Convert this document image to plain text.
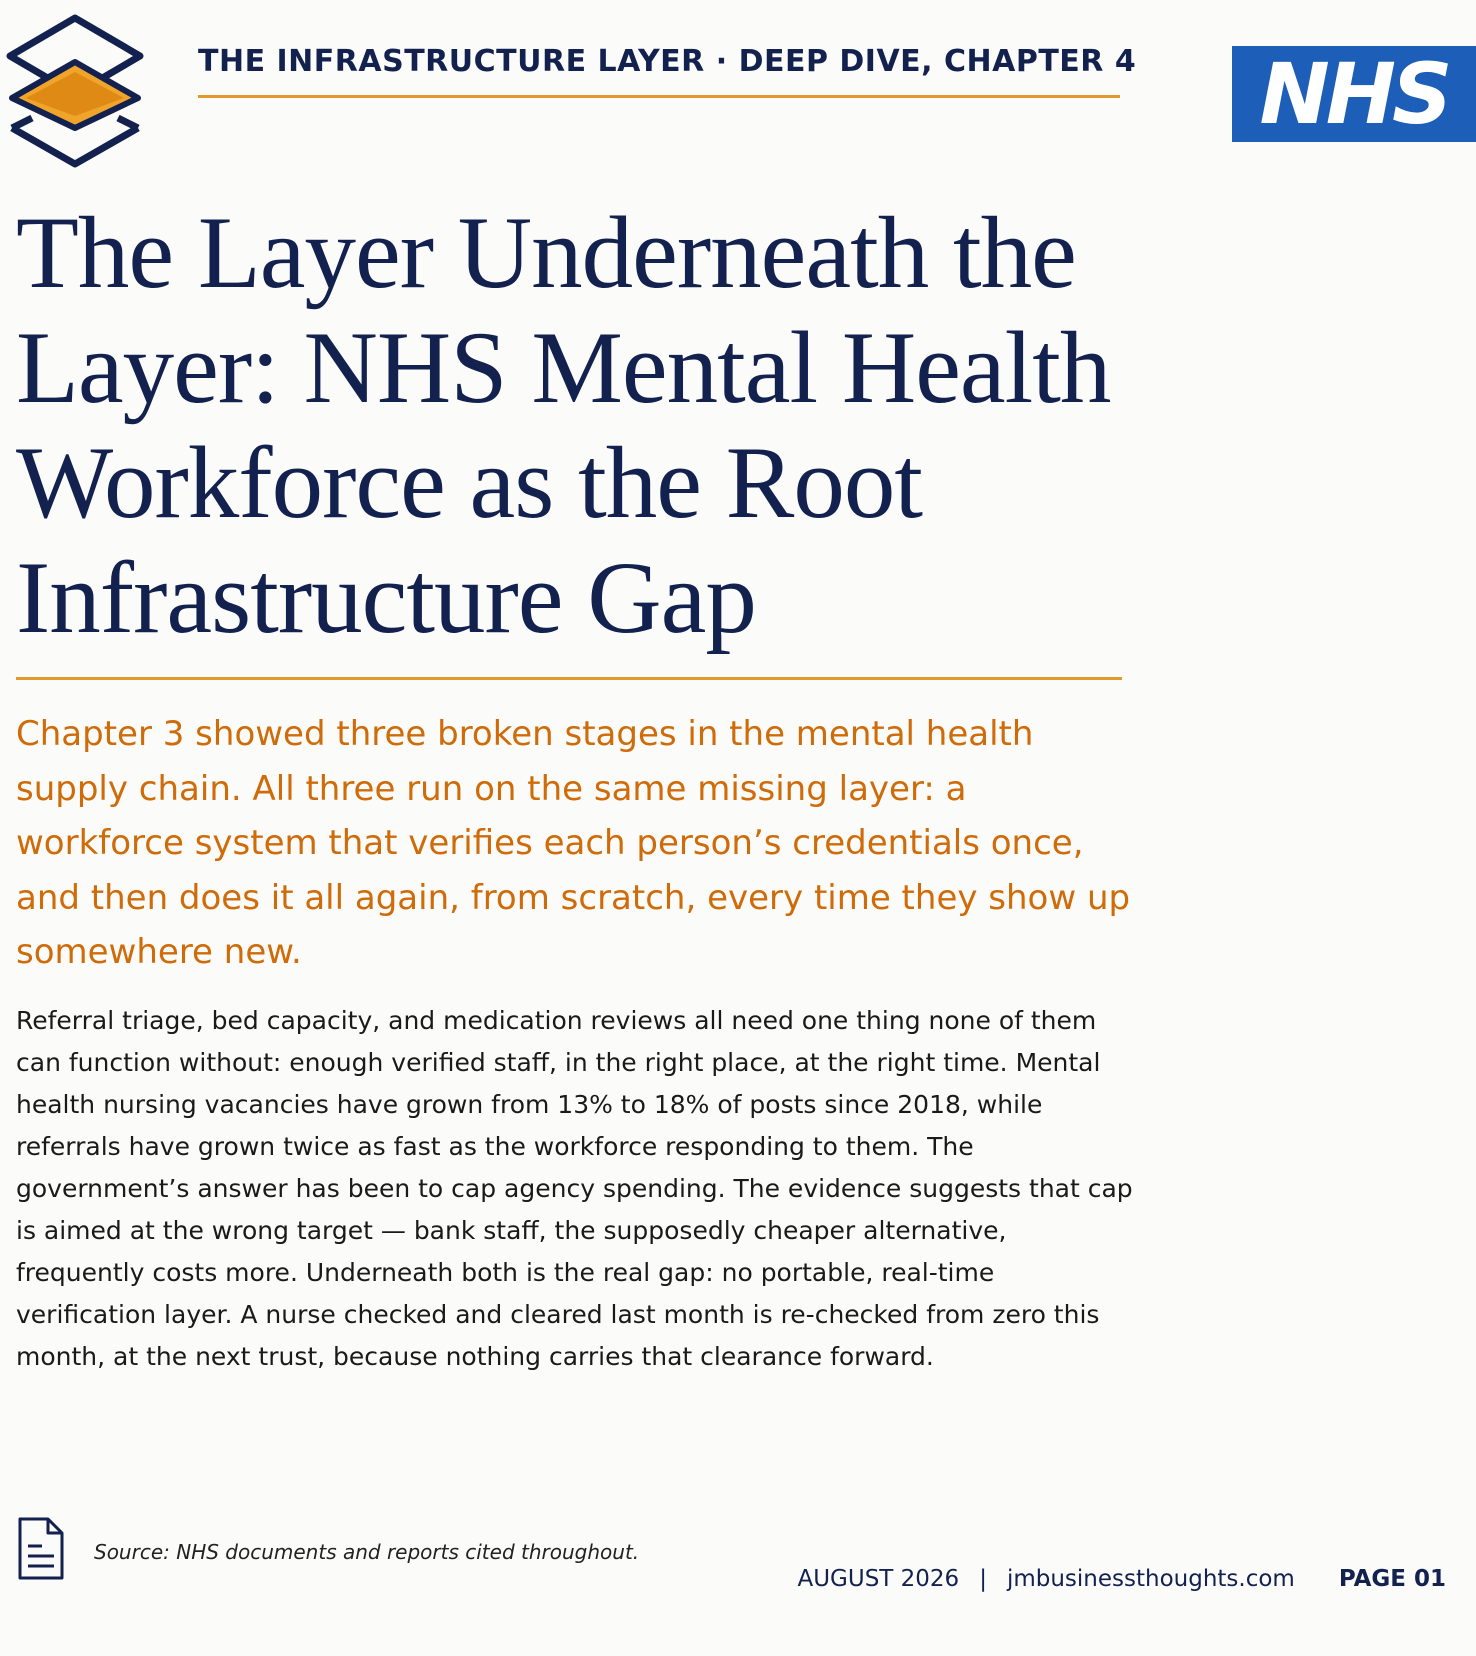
THE INFRASTRUCTURE LAYER · DEEP DIVE, CHAPTER 4 NHS
The Layer Underneath the Layer: NHS Mental Health Workforce as the Root Infrastructure Gap

Chapter 3 showed three broken stages in the mental health supply chain. All three run on the same missing layer: a workforce system that verifies each person’s credentials once, and then does it all again, from scratch, every time they show up somewhere new.

Referral triage, bed capacity, and medication reviews all need one thing none of them can function without: enough verified staff, in the right place, at the right time. Mental health nursing vacancies have grown from 13% to 18% of posts since 2018, while referrals have grown twice as fast as the workforce responding to them. The government’s answer has been to cap agency spending. The evidence suggests that cap is aimed at the wrong target — bank staff, the supposedly cheaper alternative, frequently costs more. Underneath both is the real gap: no portable, real-time verification layer. A nurse checked and cleared last month is re-checked from zero this month, at the next trust, because nothing carries that clearance forward.

Source: NHS documents and reports cited throughout.
AUGUST 2026 | jmbusinessthoughts.com PAGE 01
